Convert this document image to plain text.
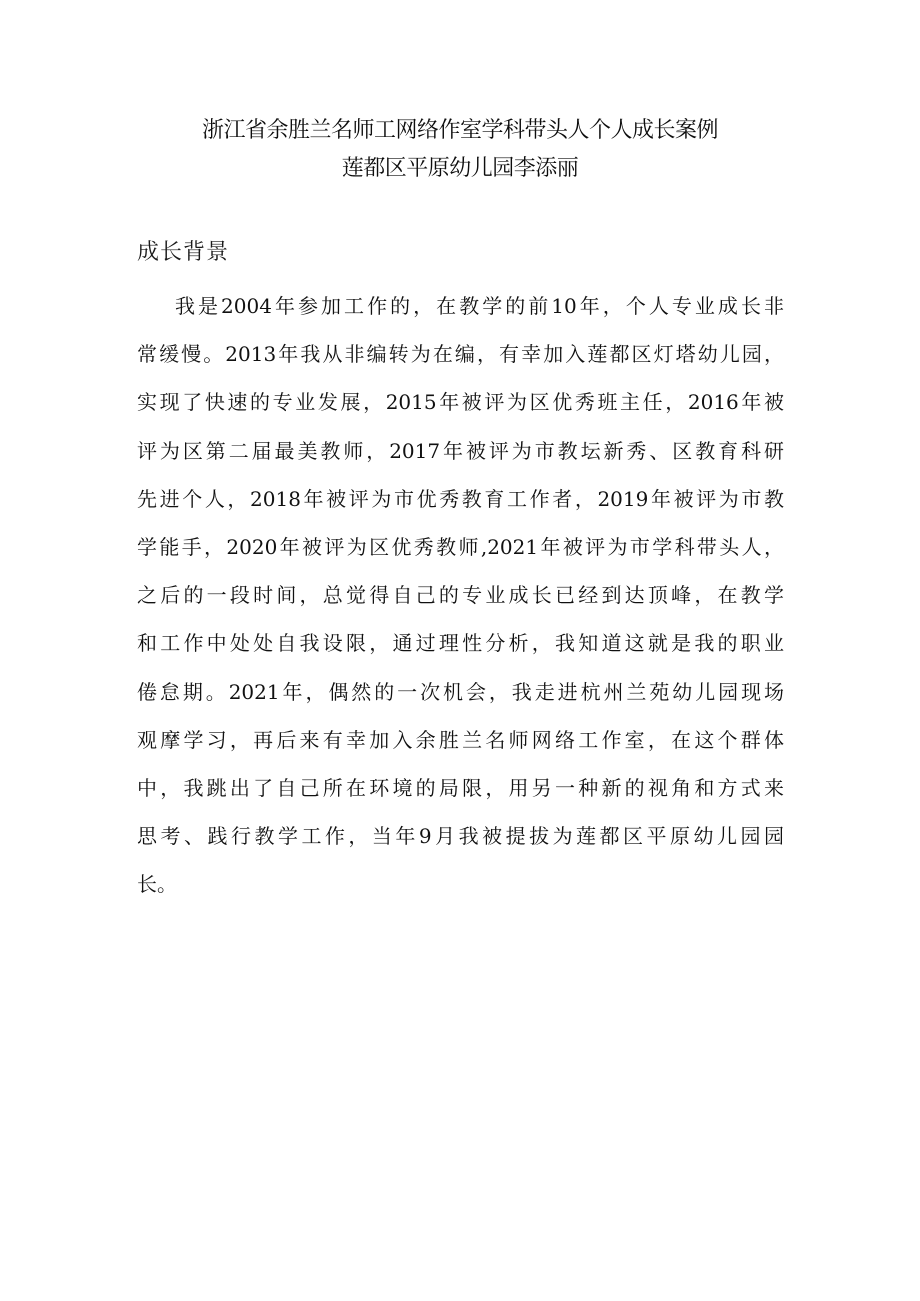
浙江省余胜兰名师工网络作室学科带头人个人成长案例
莲都区平原幼儿园李添丽
成长背景
我是2004年参加工作的，在教学的前10年，个人专业成长非
常缓慢。2013年我从非编转为在编，有幸加入莲都区灯塔幼儿园，
实现了快速的专业发展，2015年被评为区优秀班主任，2016年被
评为区第二届最美教师，2017年被评为市教坛新秀、区教育科研
先进个人，2018年被评为市优秀教育工作者，2019年被评为市教
学能手，2020年被评为区优秀教师,2021年被评为市学科带头人，
之后的一段时间，总觉得自己的专业成长已经到达顶峰，在教学
和工作中处处自我设限，通过理性分析，我知道这就是我的职业
倦怠期。2021年，偶然的一次机会，我走进杭州兰苑幼儿园现场
观摩学习，再后来有幸加入余胜兰名师网络工作室，在这个群体
中，我跳出了自己所在环境的局限，用另一种新的视角和方式来
思考、践行教学工作，当年9月我被提拔为莲都区平原幼儿园园
长。
